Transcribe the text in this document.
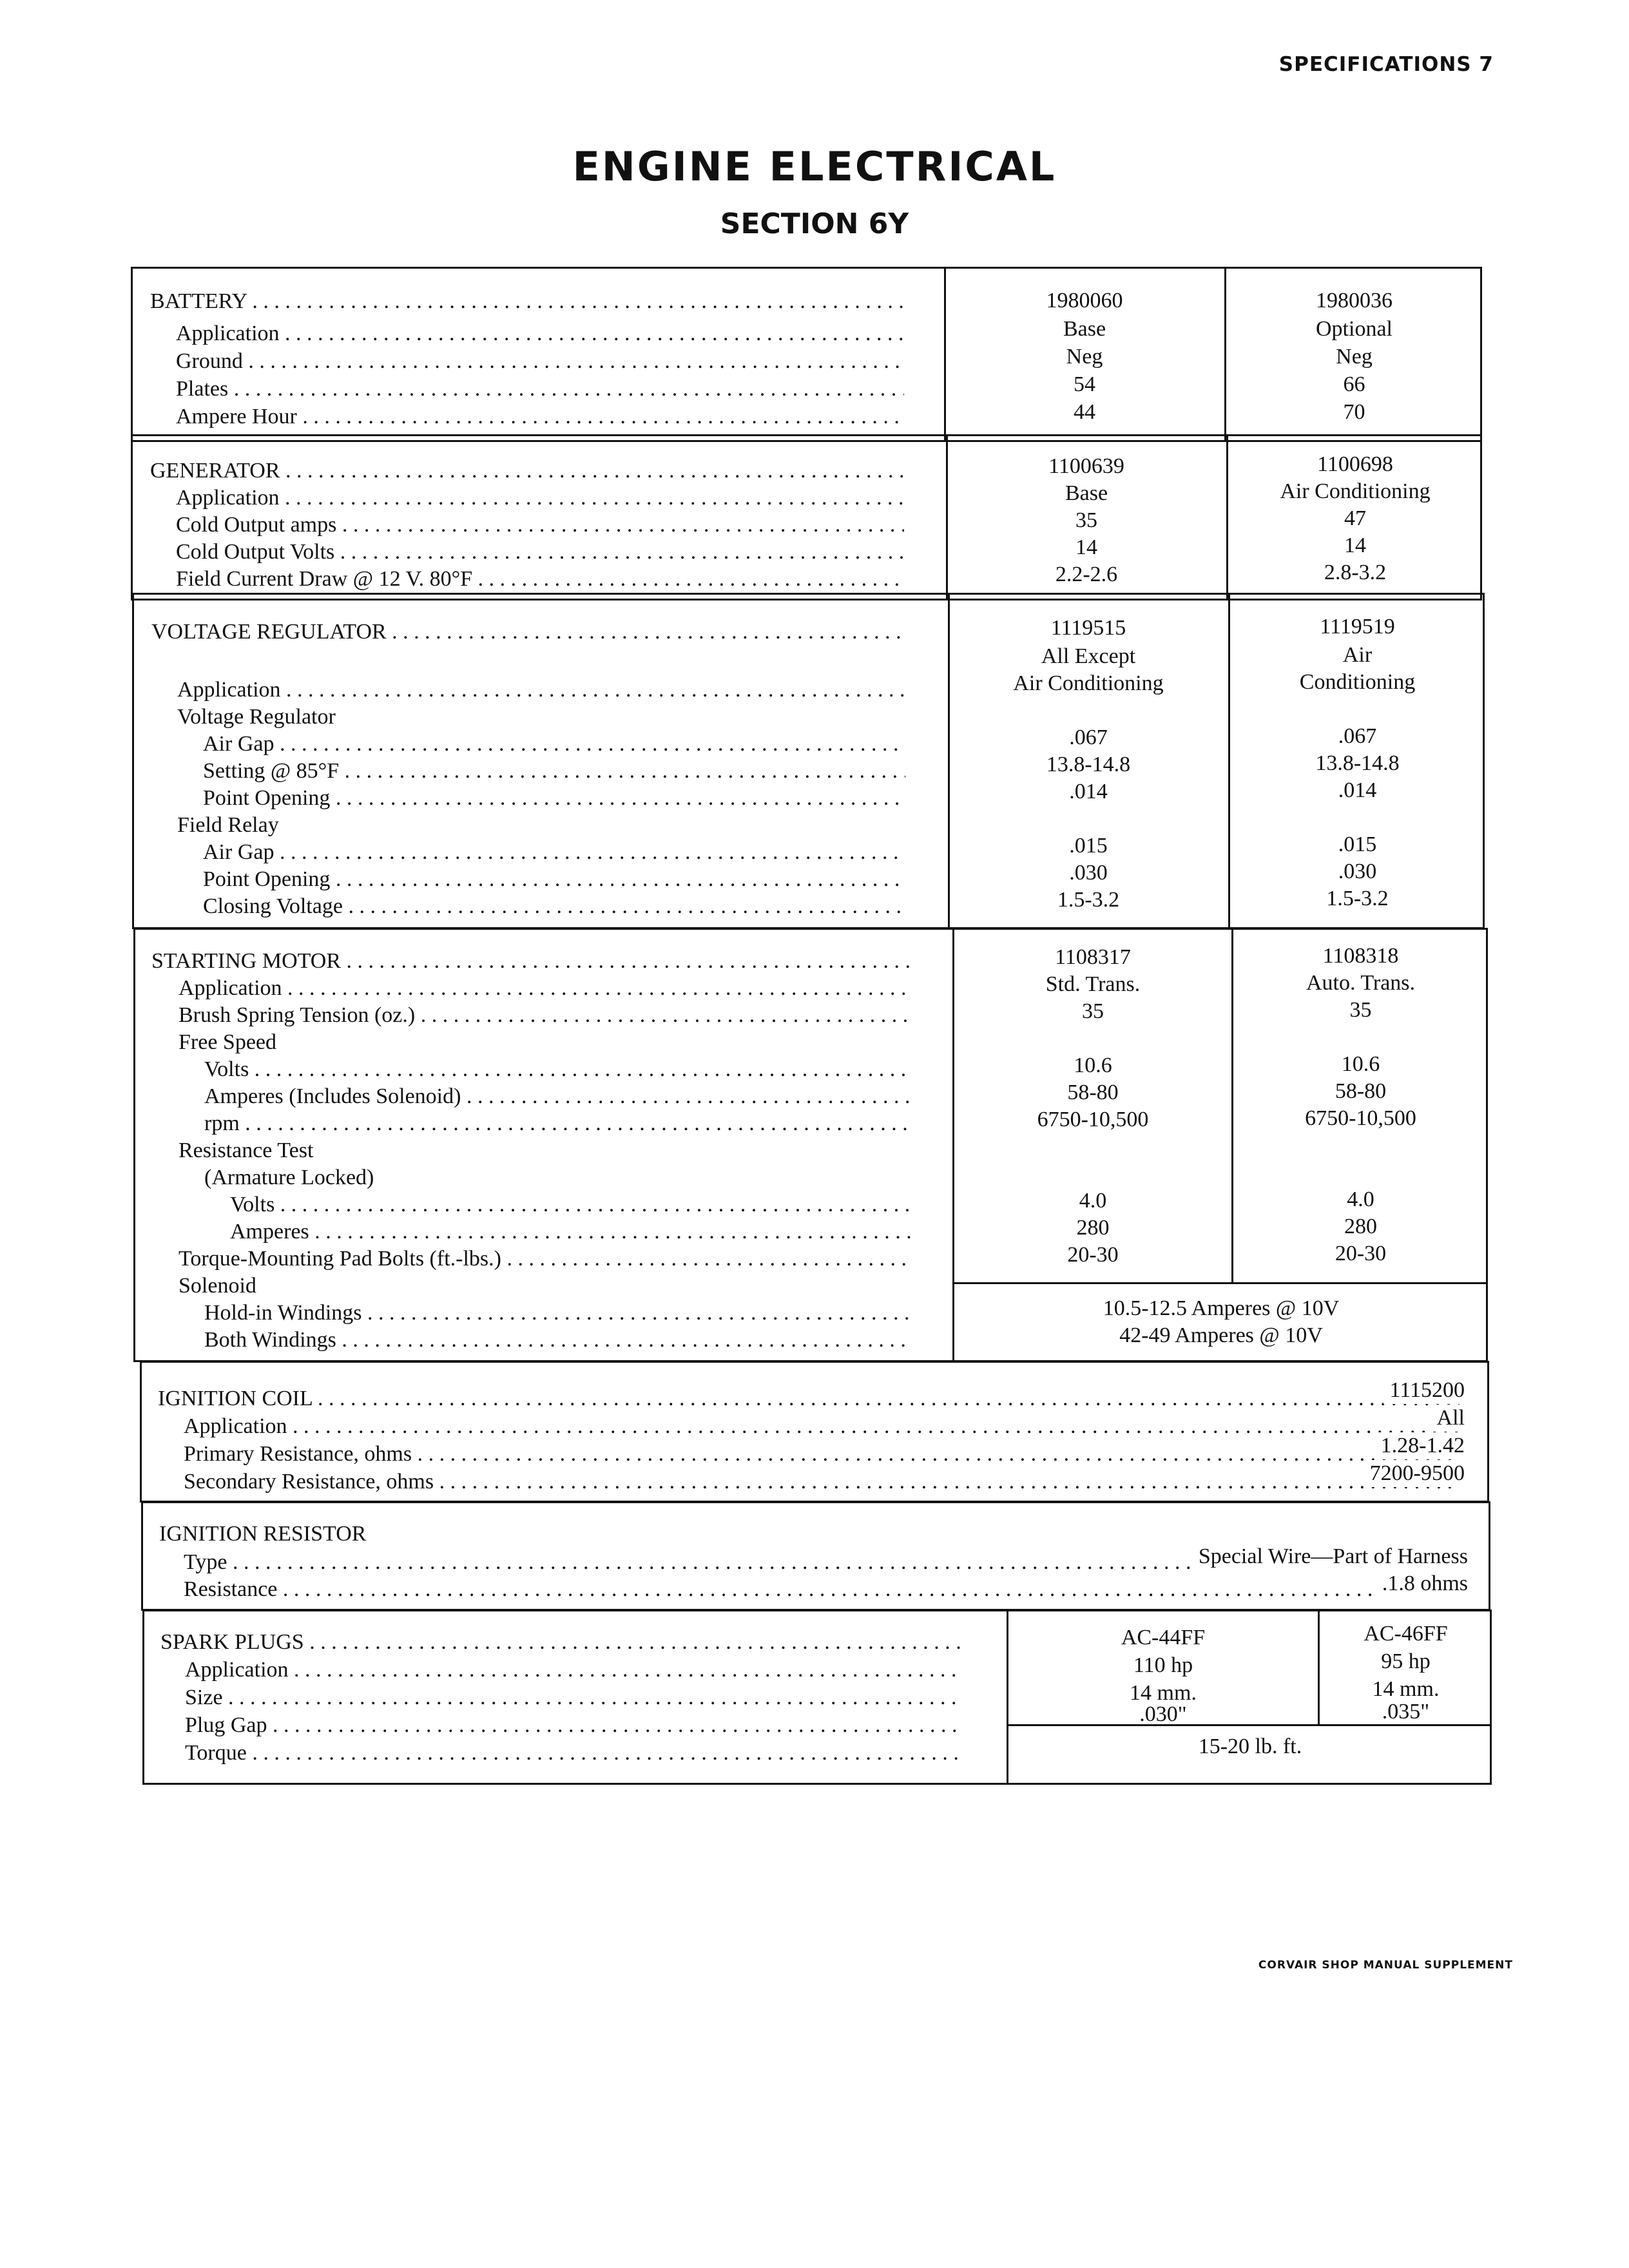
SPECIFICATIONS 7
ENGINE ELECTRICAL
SECTION 6Y
BATTERY . . .
Application . . .
Ground . . .
Plates . . .
Ampere Hour . . .
1980060
Base
Neg
54
44
1980036
Optional
Neg
66
70
GENERATOR . . .
Application . . .
Cold Output amps . . .
Cold Output Volts . . .
Field Current Draw @ 12 V. 80°F . . .
1100639
Base
35
14
2.2-2.6
1100698
Air Conditioning
47
14
2.8-3.2
VOLTAGE REGULATOR . . .
Application . . .
Voltage Regulator
Air Gap . . .
Setting @ 85°F . . .
Point Opening . . .
Field Relay
Air Gap . . .
Point Opening . . .
Closing Voltage . . .
1119515
All Except
Air Conditioning
.067
13.8-14.8
.014
.015
.030
1.5-3.2
1119519
Air
Conditioning
.067
13.8-14.8
.014
.015
.030
1.5-3.2
STARTING MOTOR . . .
Application . . .
Brush Spring Tension (oz.) . . .
Free Speed
Volts . . .
Amperes (Includes Solenoid) . . .
rpm . . .
Resistance Test
(Armature Locked)
Volts . . .
Amperes . . .
Torque-Mounting Pad Bolts (ft.-lbs.) . . .
Solenoid
Hold-in Windings . . .
Both Windings . . .
1108317
Std. Trans.
35
10.6
58-80
6750-10,500
4.0
280
20-30
1108318
Auto. Trans.
35
10.6
58-80
6750-10,500
4.0
280
20-30
10.5-12.5 Amperes @ 10V
42-49 Amperes @ 10V
IGNITION COIL . . .
Application . . .
Primary Resistance, ohms . . .
Secondary Resistance, ohms . . .
1115200
All
1.28-1.42
7200-9500
IGNITION RESISTOR
Type . . .
Resistance . . .
Special Wire—Part of Harness
.1.8 ohms
SPARK PLUGS . . .
Application . . .
Size . . .
Plug Gap . . .
Torque . . .
AC-44FF
110 hp
14 mm.
.030"
AC-46FF
95 hp
14 mm.
.035"
15-20 lb. ft.
CORVAIR SHOP MANUAL SUPPLEMENT
